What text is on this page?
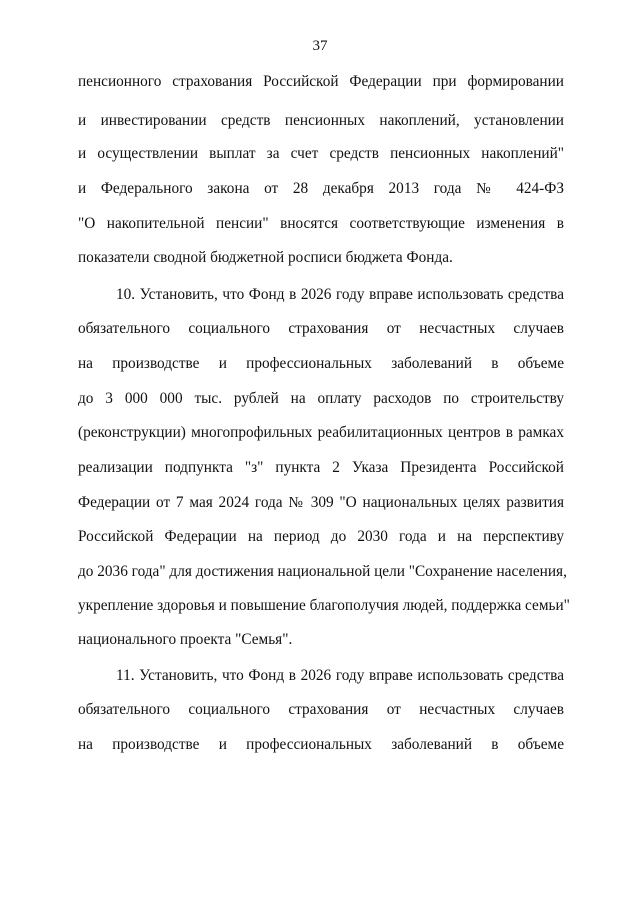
37
пенсионного страхования Российской Федерации при формировании
и инвестировании средств пенсионных накоплений, установлении
и осуществлении выплат за счет средств пенсионных накоплений"
и Федерального закона от 28 декабря 2013 года № 424-ФЗ
"О накопительной пенсии" вносятся соответствующие изменения в
показатели сводной бюджетной росписи бюджета Фонда.
10. Установить, что Фонд в 2026 году вправе использовать средства
обязательного социального страхования от несчастных случаев
на производстве и профессиональных заболеваний в объеме
до 3 000 000 тыс. рублей на оплату расходов по строительству
(реконструкции) многопрофильных реабилитационных центров в рамках
реализации подпункта "з" пункта 2 Указа Президента Российской
Федерации от 7 мая 2024 года № 309 "О национальных целях развития
Российской Федерации на период до 2030 года и на перспективу
до 2036 года" для достижения национальной цели "Сохранение населения,
укрепление здоровья и повышение благополучия людей, поддержка семьи"
национального проекта "Семья".
11. Установить, что Фонд в 2026 году вправе использовать средства
обязательного социального страхования от несчастных случаев
на производстве и профессиональных заболеваний в объеме
